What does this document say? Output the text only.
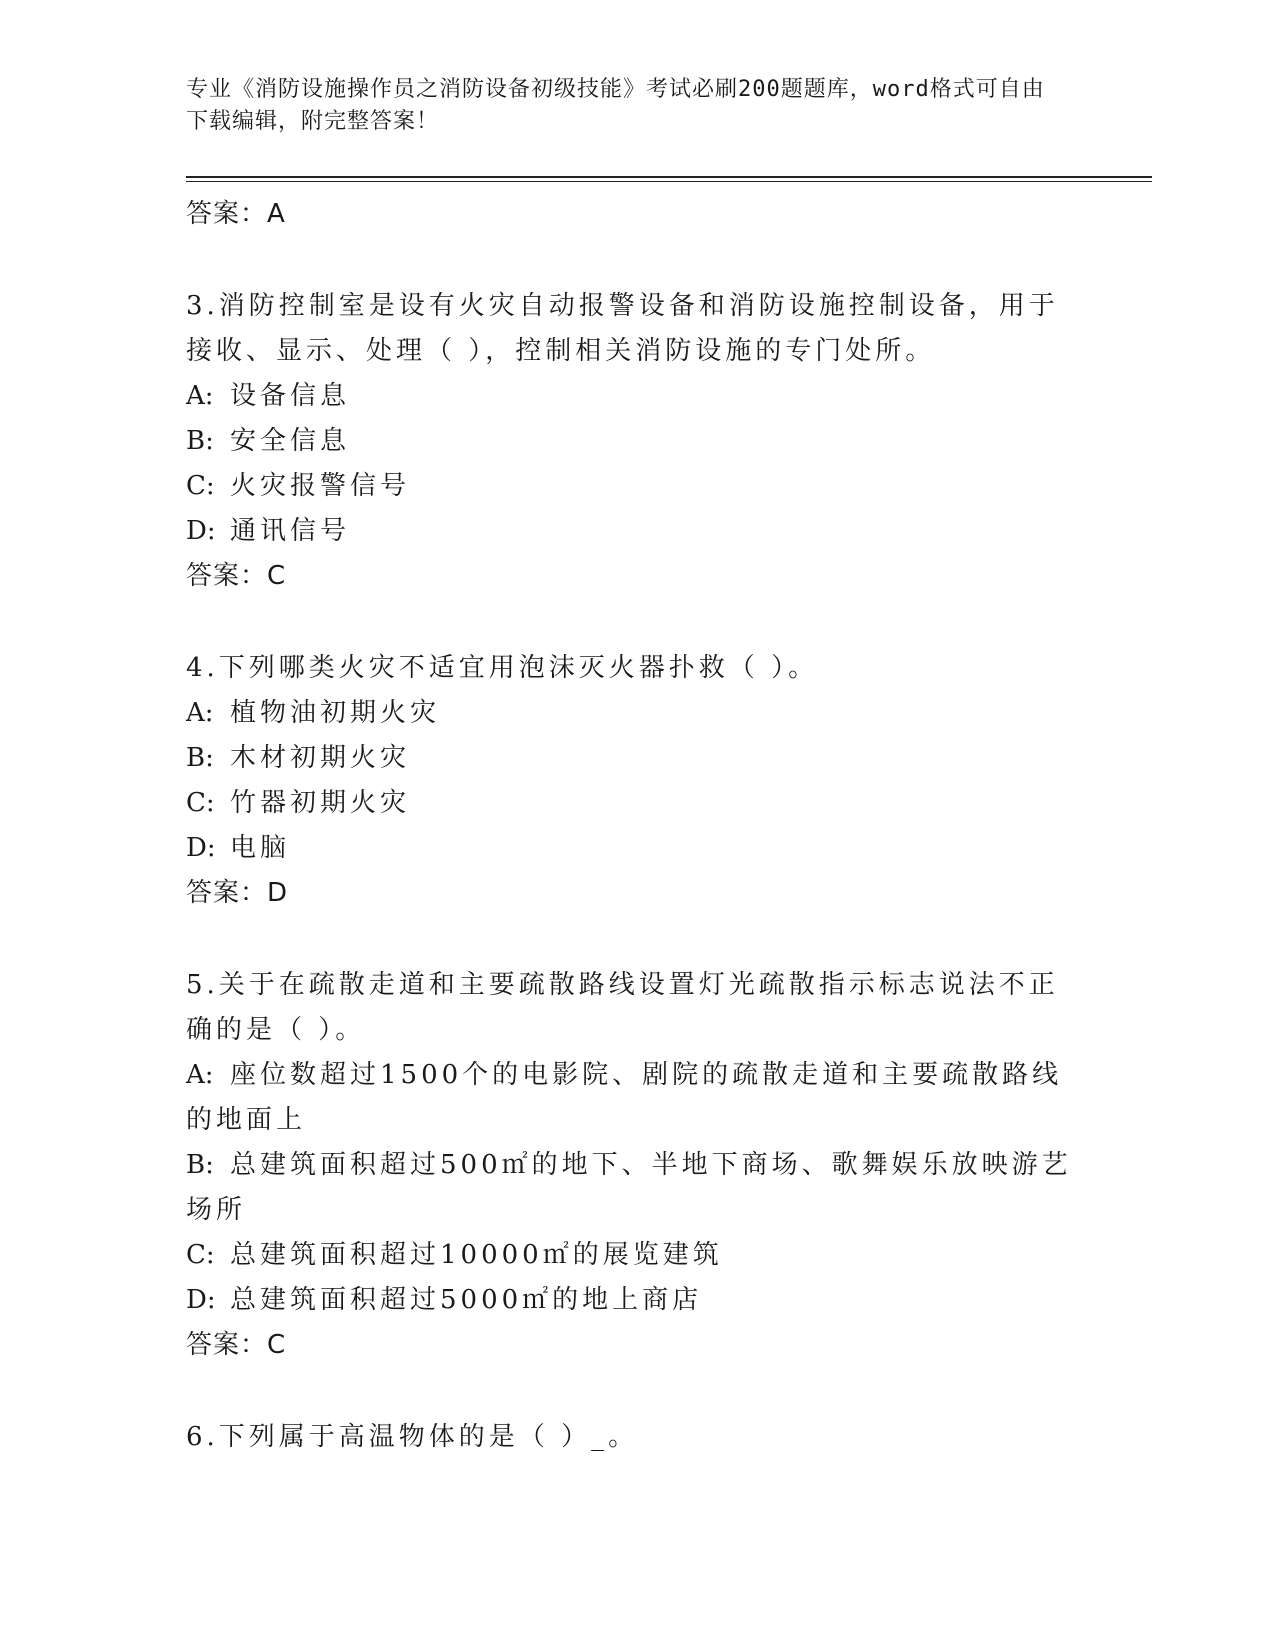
专业《消防设施操作员之消防设备初级技能》考试必刷200题题库，word格式可自由下载编辑，附完整答案！
答案：A
3.消防控制室是设有火灾自动报警设备和消防设施控制设备，用于接收、显示、处理（ ），控制相关消防设施的专门处所。
A: 设备信息
B: 安全信息
C: 火灾报警信号
D: 通讯信号
答案：C
4.下列哪类火灾不适宜用泡沫灭火器扑救（ ）。
A: 植物油初期火灾
B: 木材初期火灾
C: 竹器初期火灾
D: 电脑
答案：D
5.关于在疏散走道和主要疏散路线设置灯光疏散指示标志说法不正确的是（ ）。
A: 座位数超过1500个的电影院、剧院的疏散走道和主要疏散路线的地面上
B: 总建筑面积超过500㎡的地下、半地下商场、歌舞娱乐放映游艺场所
C: 总建筑面积超过10000㎡的展览建筑
D: 总建筑面积超过5000㎡的地上商店
答案：C
6.下列属于高温物体的是（ ）_。
